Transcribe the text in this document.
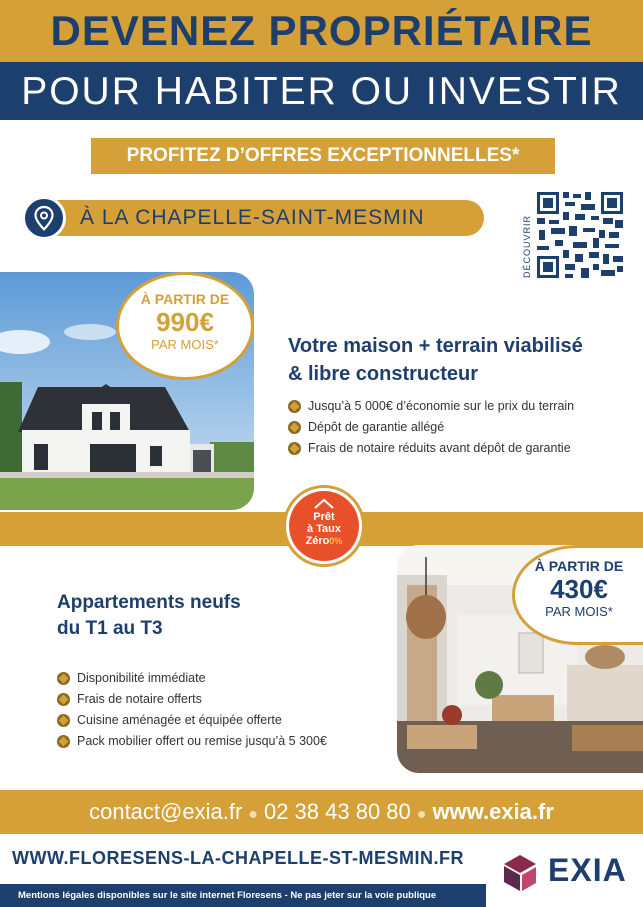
DEVENEZ PROPRIÉTAIRE
POUR HABITER OU INVESTIR
PROFITEZ D’OFFRES EXCEPTIONNELLES*
À LA CHAPELLE-SAINT-MESMIN	DÉCOUVRIR
À PARTIR DE
990€
PAR MOIS*	Votre maison + terrain viabilisé
& libre constructeur
Jusqu’à 5 000€ d’économie sur le prix du terrain
Dépôt de garantie allégé
Frais de notaire réduits avant dépôt de garantie
À PARTIR DE
430€
PAR MOIS*
Prêt
à Taux
Zéro0%
Appartements neufs
du T1 au T3
Disponibilité immédiate
Frais de notaire offerts
Cuisine aménagée et équipée offerte
Pack mobilier offert ou remise jusqu’à 5 300€
contact@exia.fr ● 02 38 43 80 80 ● www.exia.fr
WWW.FLORESENS-LA-CHAPELLE-ST-MESMIN.FR	EXIA
Mentions légales disponibles sur le site internet Floresens - Ne pas jeter sur la voie publique
